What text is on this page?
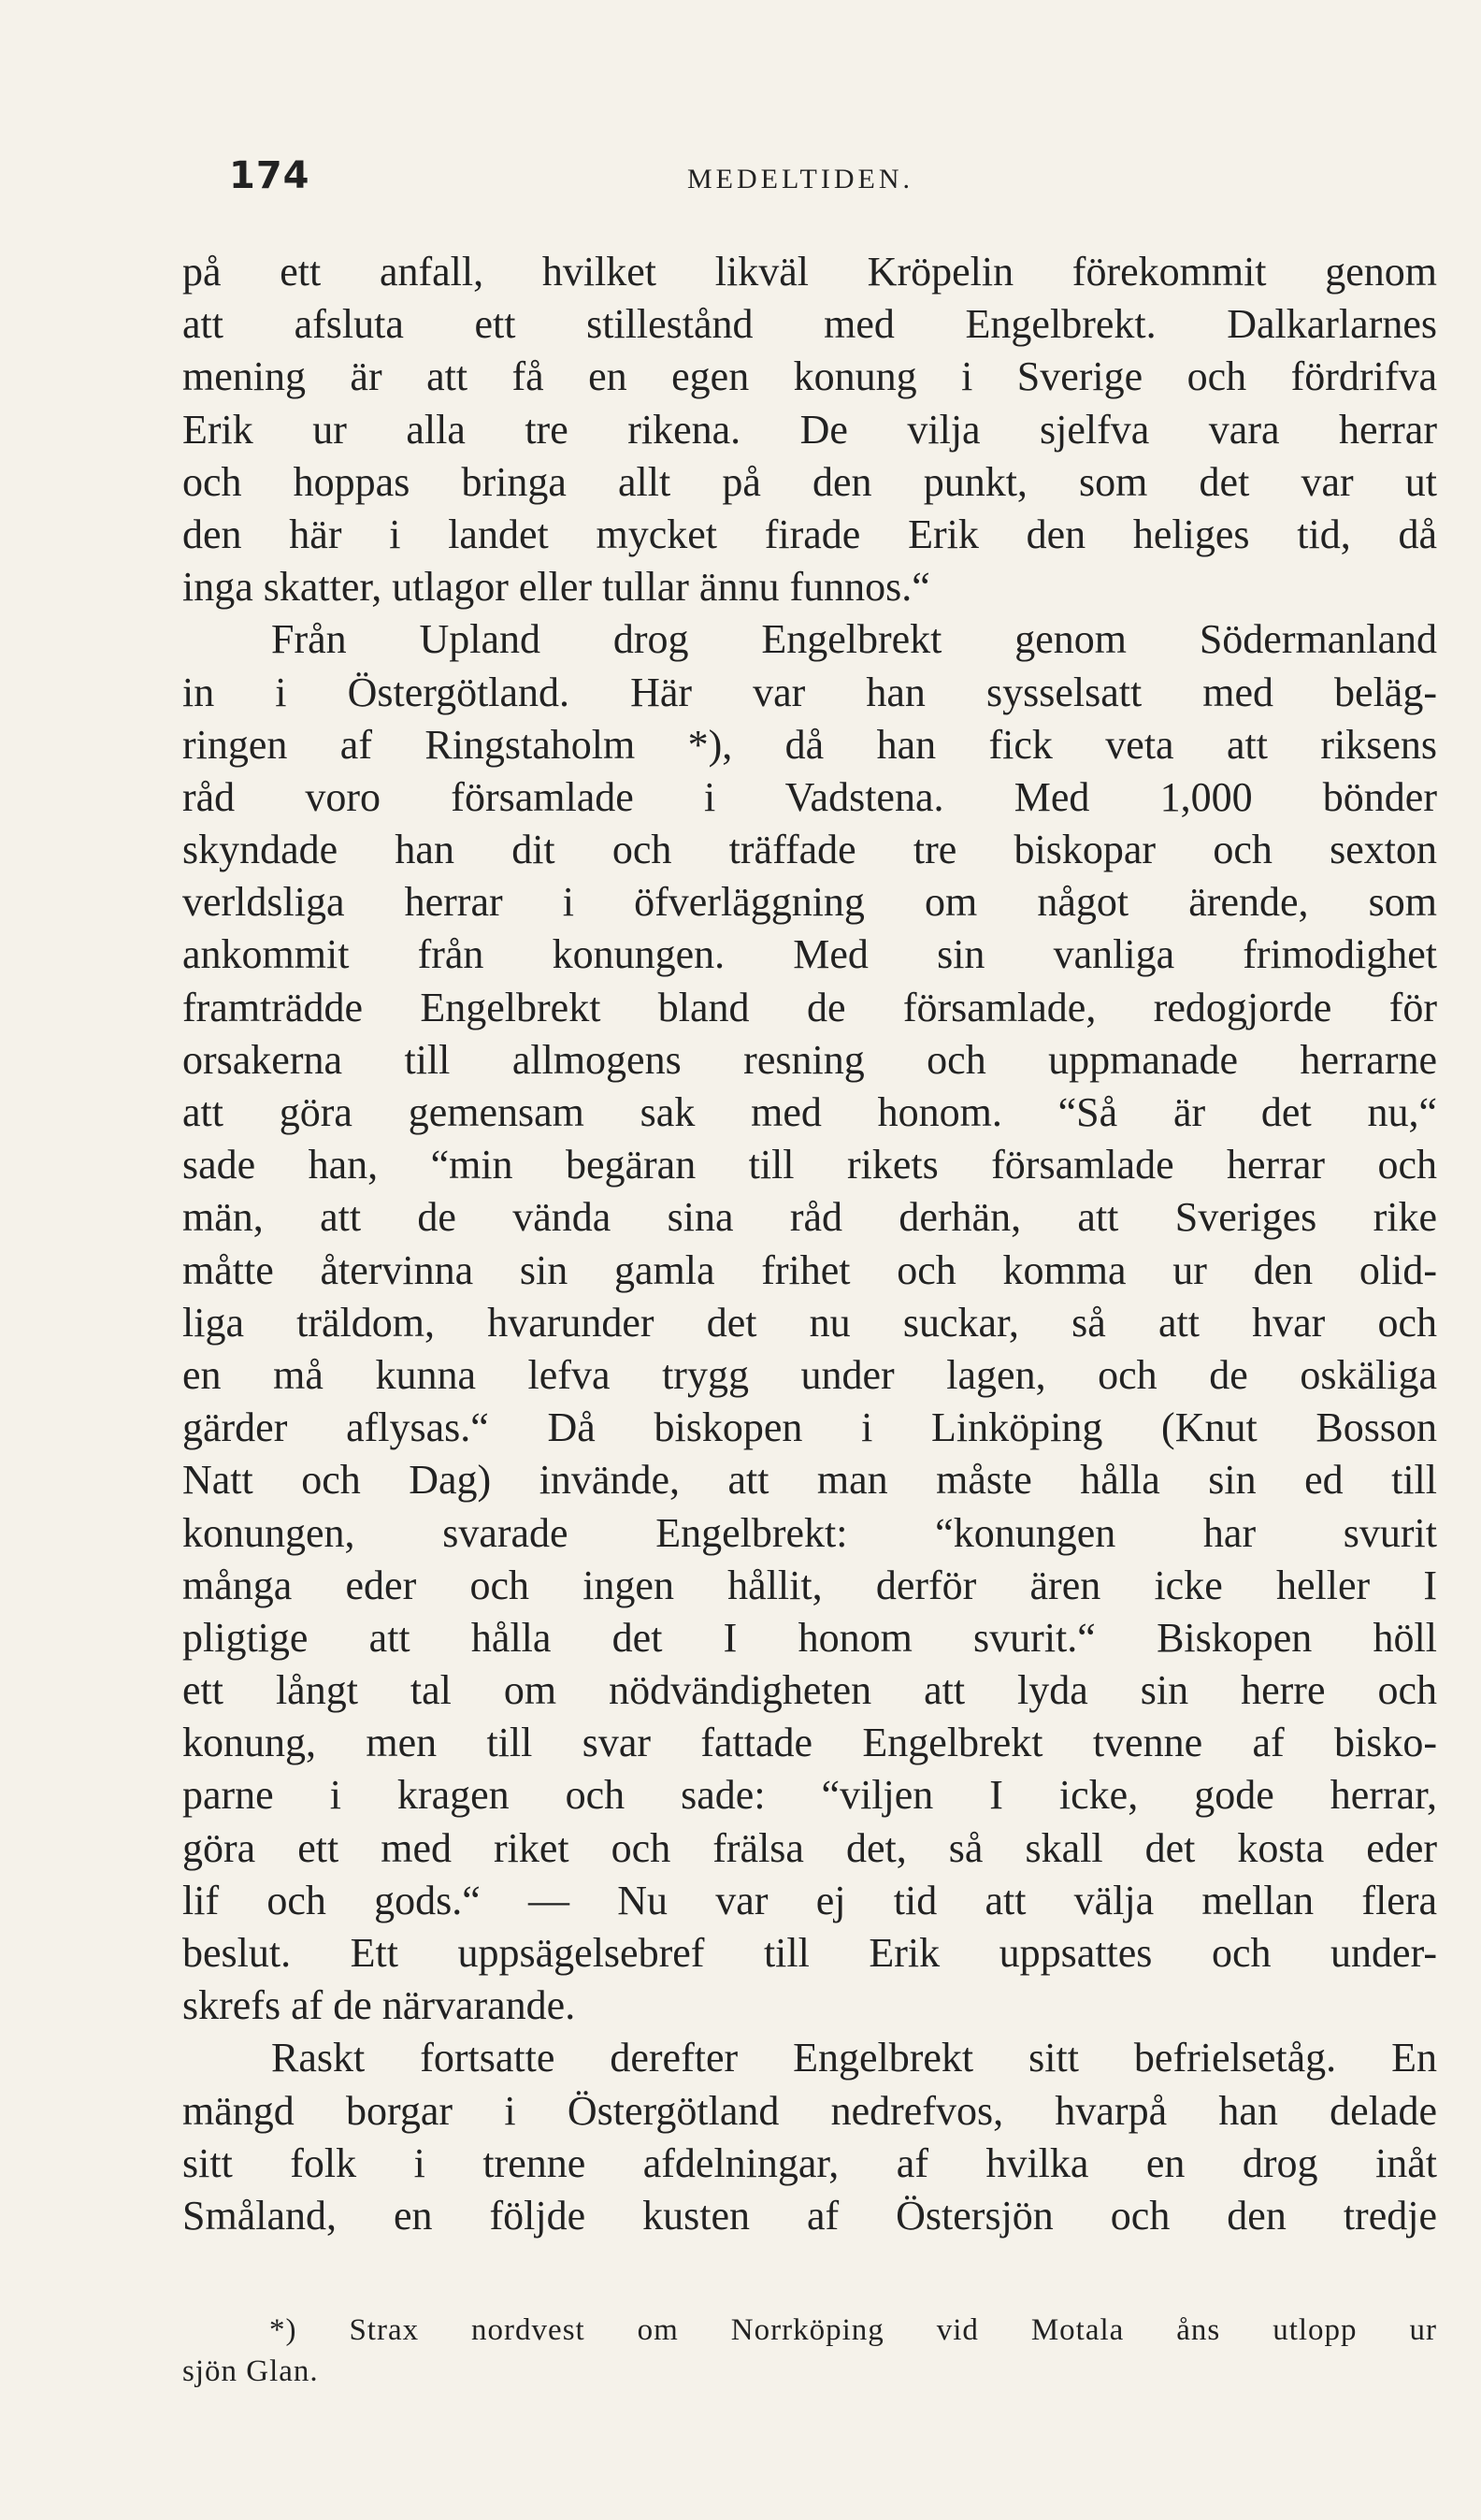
174	MEDELTIDEN.
på ett anfall, hvilket likväl Kröpelin förekommit genom
att afsluta ett stillestånd med Engelbrekt. Dalkarlarnes
mening är att få en egen konung i Sverige och fördrifva
Erik ur alla tre rikena. De vilja sjelfva vara herrar
och hoppas bringa allt på den punkt, som det var ut
den här i landet mycket firade Erik den heliges tid, då
inga skatter, utlagor eller tullar ännu funnos.“
Från Upland drog Engelbrekt genom Södermanland
in i Östergötland. Här var han sysselsatt med beläg-
ringen af Ringstaholm *), då han fick veta att riksens
råd voro församlade i Vadstena. Med 1,000 bönder
skyndade han dit och träffade tre biskopar och sexton
verldsliga herrar i öfverläggning om något ärende, som
ankommit från konungen. Med sin vanliga frimodighet
framträdde Engelbrekt bland de församlade, redogjorde för
orsakerna till allmogens resning och uppmanade herrarne
att göra gemensam sak med honom. “Så är det nu,“
sade han, “min begäran till rikets församlade herrar och
män, att de vända sina råd derhän, att Sveriges rike
måtte återvinna sin gamla frihet och komma ur den olid-
liga träldom, hvarunder det nu suckar, så att hvar och
en må kunna lefva trygg under lagen, och de oskäliga
gärder aflysas.“ Då biskopen i Linköping (Knut Bosson
Natt och Dag) invände, att man måste hålla sin ed till
konungen, svarade Engelbrekt: “konungen har svurit
många eder och ingen hållit, derför ären icke heller I
pligtige att hålla det I honom svurit.“ Biskopen höll
ett långt tal om nödvändigheten att lyda sin herre och
konung, men till svar fattade Engelbrekt tvenne af bisko-
parne i kragen och sade: “viljen I icke, gode herrar,
göra ett med riket och frälsa det, så skall det kosta eder
lif och gods.“ — Nu var ej tid att välja mellan flera
beslut. Ett uppsägelsebref till Erik uppsattes och under-
skrefs af de närvarande.
Raskt fortsatte derefter Engelbrekt sitt befrielsetåg. En
mängd borgar i Östergötland nedrefvos, hvarpå han delade
sitt folk i trenne afdelningar, af hvilka en drog inåt
Småland, en följde kusten af Östersjön och den tredje
*) Strax nordvest om Norrköping vid Motala åns utlopp ur
sjön Glan.
